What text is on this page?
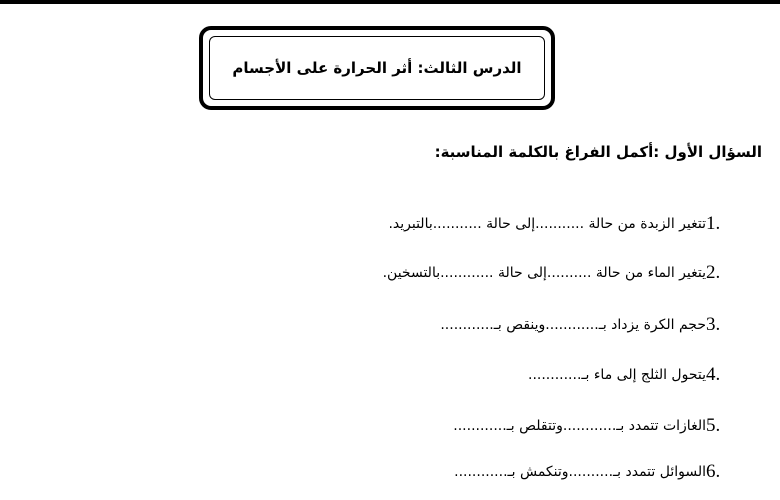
الدرس الثالث: أثر الحرارة على الأجسام
السؤال الأول :أكمل الفراغ بالكلمة المناسبة:
1.
تتغير الزبدة من حالة ...........إلى حالة ...........بالتبريد.
2.
يتغير الماء من حالة ..........إلى حالة ............بالتسخين.
3.
حجم الكرة يزداد بـ............وينقص بـ............
4.
يتحول الثلج إلى ماء بـ............
5.
الغازات تتمدد بـ............وتتقلص بـ............
6.
السوائل تتمدد بـ..........وتنكمش بـ............
